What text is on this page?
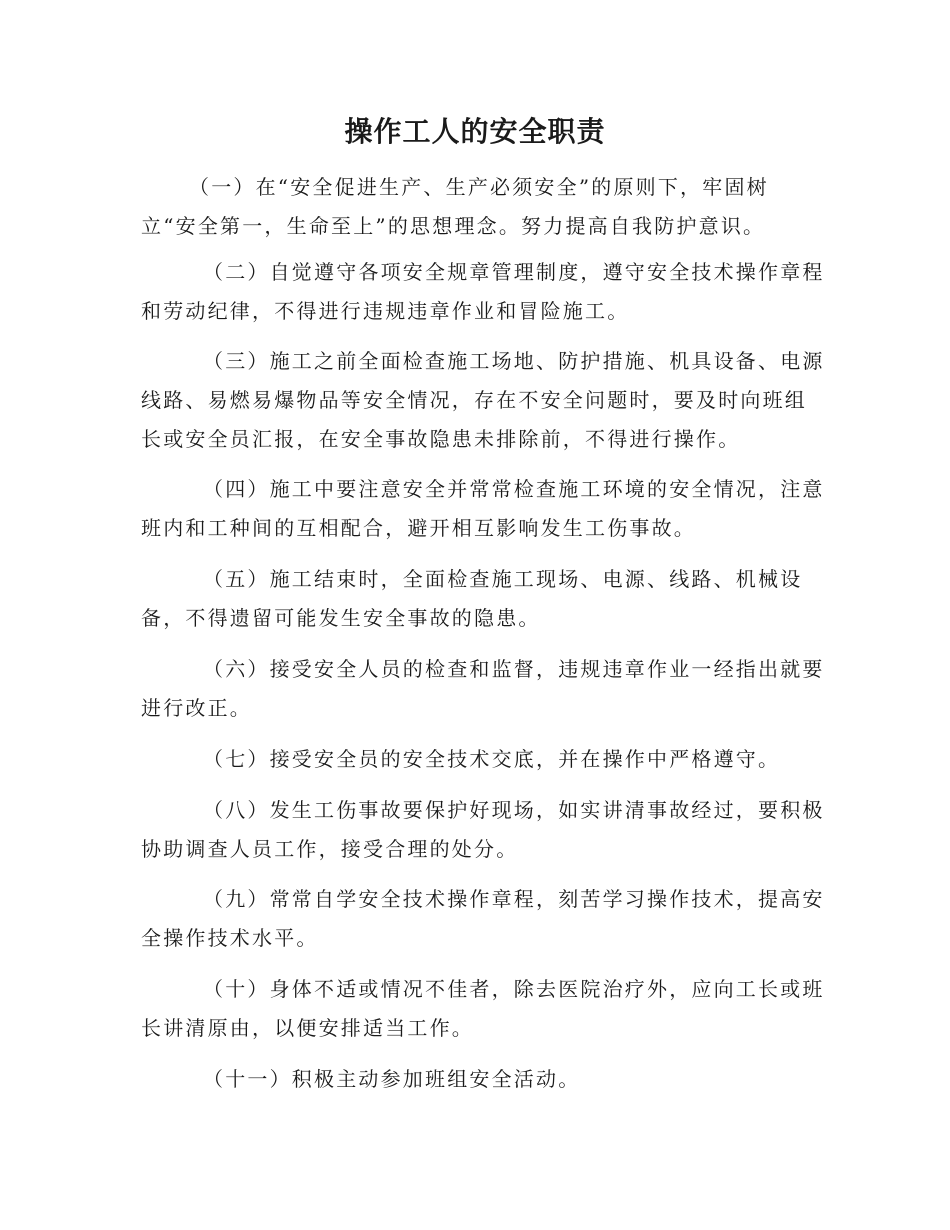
操作工人的安全职责

（一）在“安全促进生产、生产必须安全”的原则下，牢固树
立“安全第一，生命至上”的思想理念。努力提高自我防护意识。

（二）自觉遵守各项安全规章管理制度，遵守安全技术操作章程
和劳动纪律，不得进行违规违章作业和冒险施工。

（三）施工之前全面检查施工场地、防护措施、机具设备、电源
线路、易燃易爆物品等安全情况，存在不安全问题时，要及时向班组
长或安全员汇报，在安全事故隐患未排除前，不得进行操作。

（四）施工中要注意安全并常常检查施工环境的安全情况，注意
班内和工种间的互相配合，避开相互影响发生工伤事故。

（五）施工结束时，全面检查施工现场、电源、线路、机械设
备，不得遗留可能发生安全事故的隐患。

（六）接受安全人员的检查和监督，违规违章作业一经指出就要
进行改正。

（七）接受安全员的安全技术交底，并在操作中严格遵守。

（八）发生工伤事故要保护好现场，如实讲清事故经过，要积极
协助调查人员工作，接受合理的处分。

（九）常常自学安全技术操作章程，刻苦学习操作技术，提高安
全操作技术水平。

（十）身体不适或情况不佳者，除去医院治疗外，应向工长或班
长讲清原由，以便安排适当工作。

（十一）积极主动参加班组安全活动。
